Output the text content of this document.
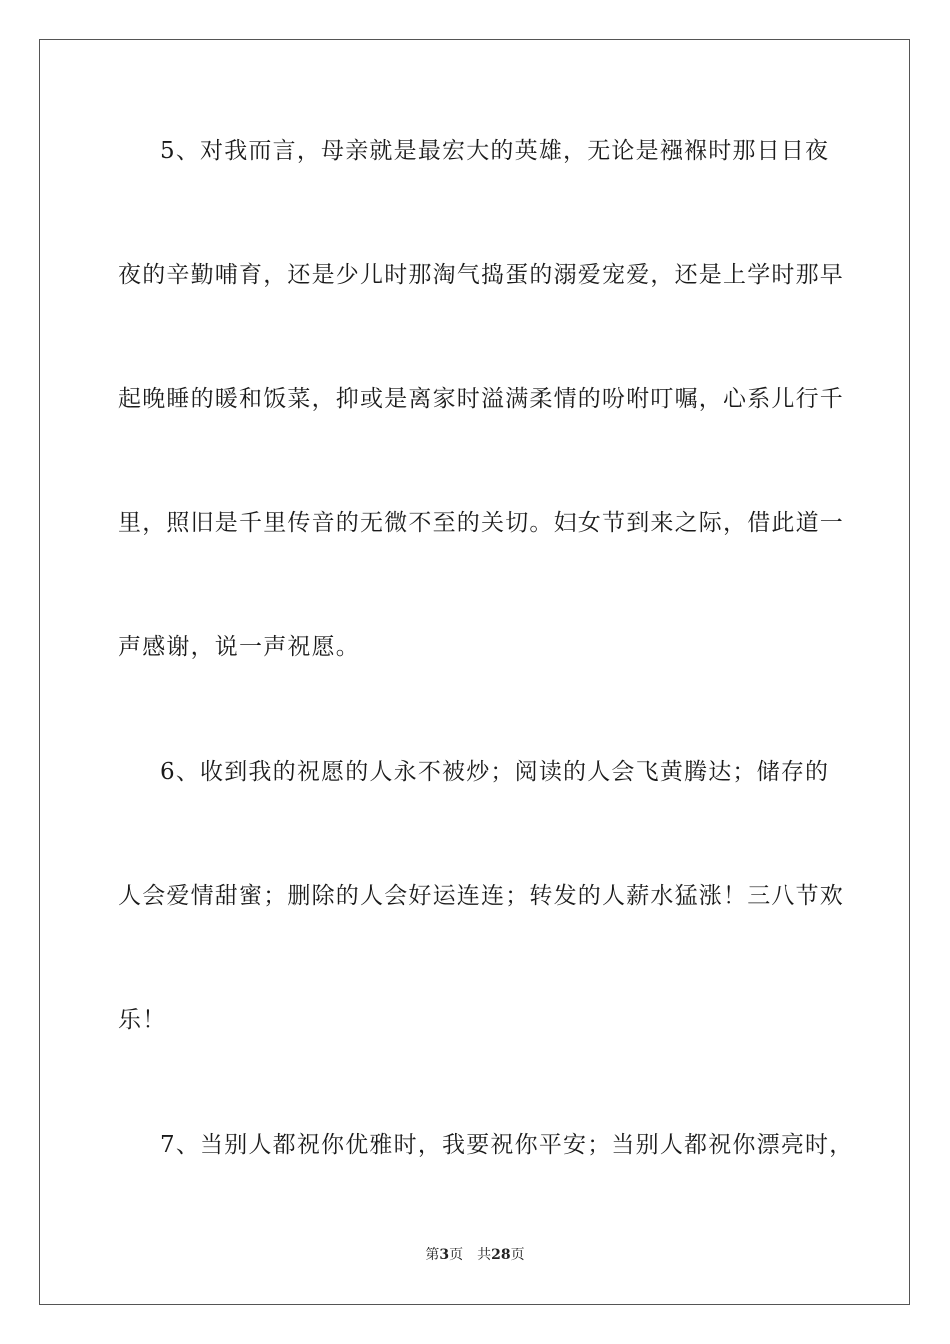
5、对我而言，母亲就是最宏大的英雄，无论是襁褓时那日日夜
夜的辛勤哺育，还是少儿时那淘气捣蛋的溺爱宠爱，还是上学时那早
起晚睡的暖和饭菜，抑或是离家时溢满柔情的吩咐叮嘱，心系儿行千
里，照旧是千里传音的无微不至的关切。妇女节到来之际，借此道一
声感谢，说一声祝愿。
6、收到我的祝愿的人永不被炒；阅读的人会飞黄腾达；储存的
人会爱情甜蜜；删除的人会好运连连；转发的人薪水猛涨！三八节欢
乐！
7、当别人都祝你优雅时，我要祝你平安；当别人都祝你漂亮时，
第3页 共28页
